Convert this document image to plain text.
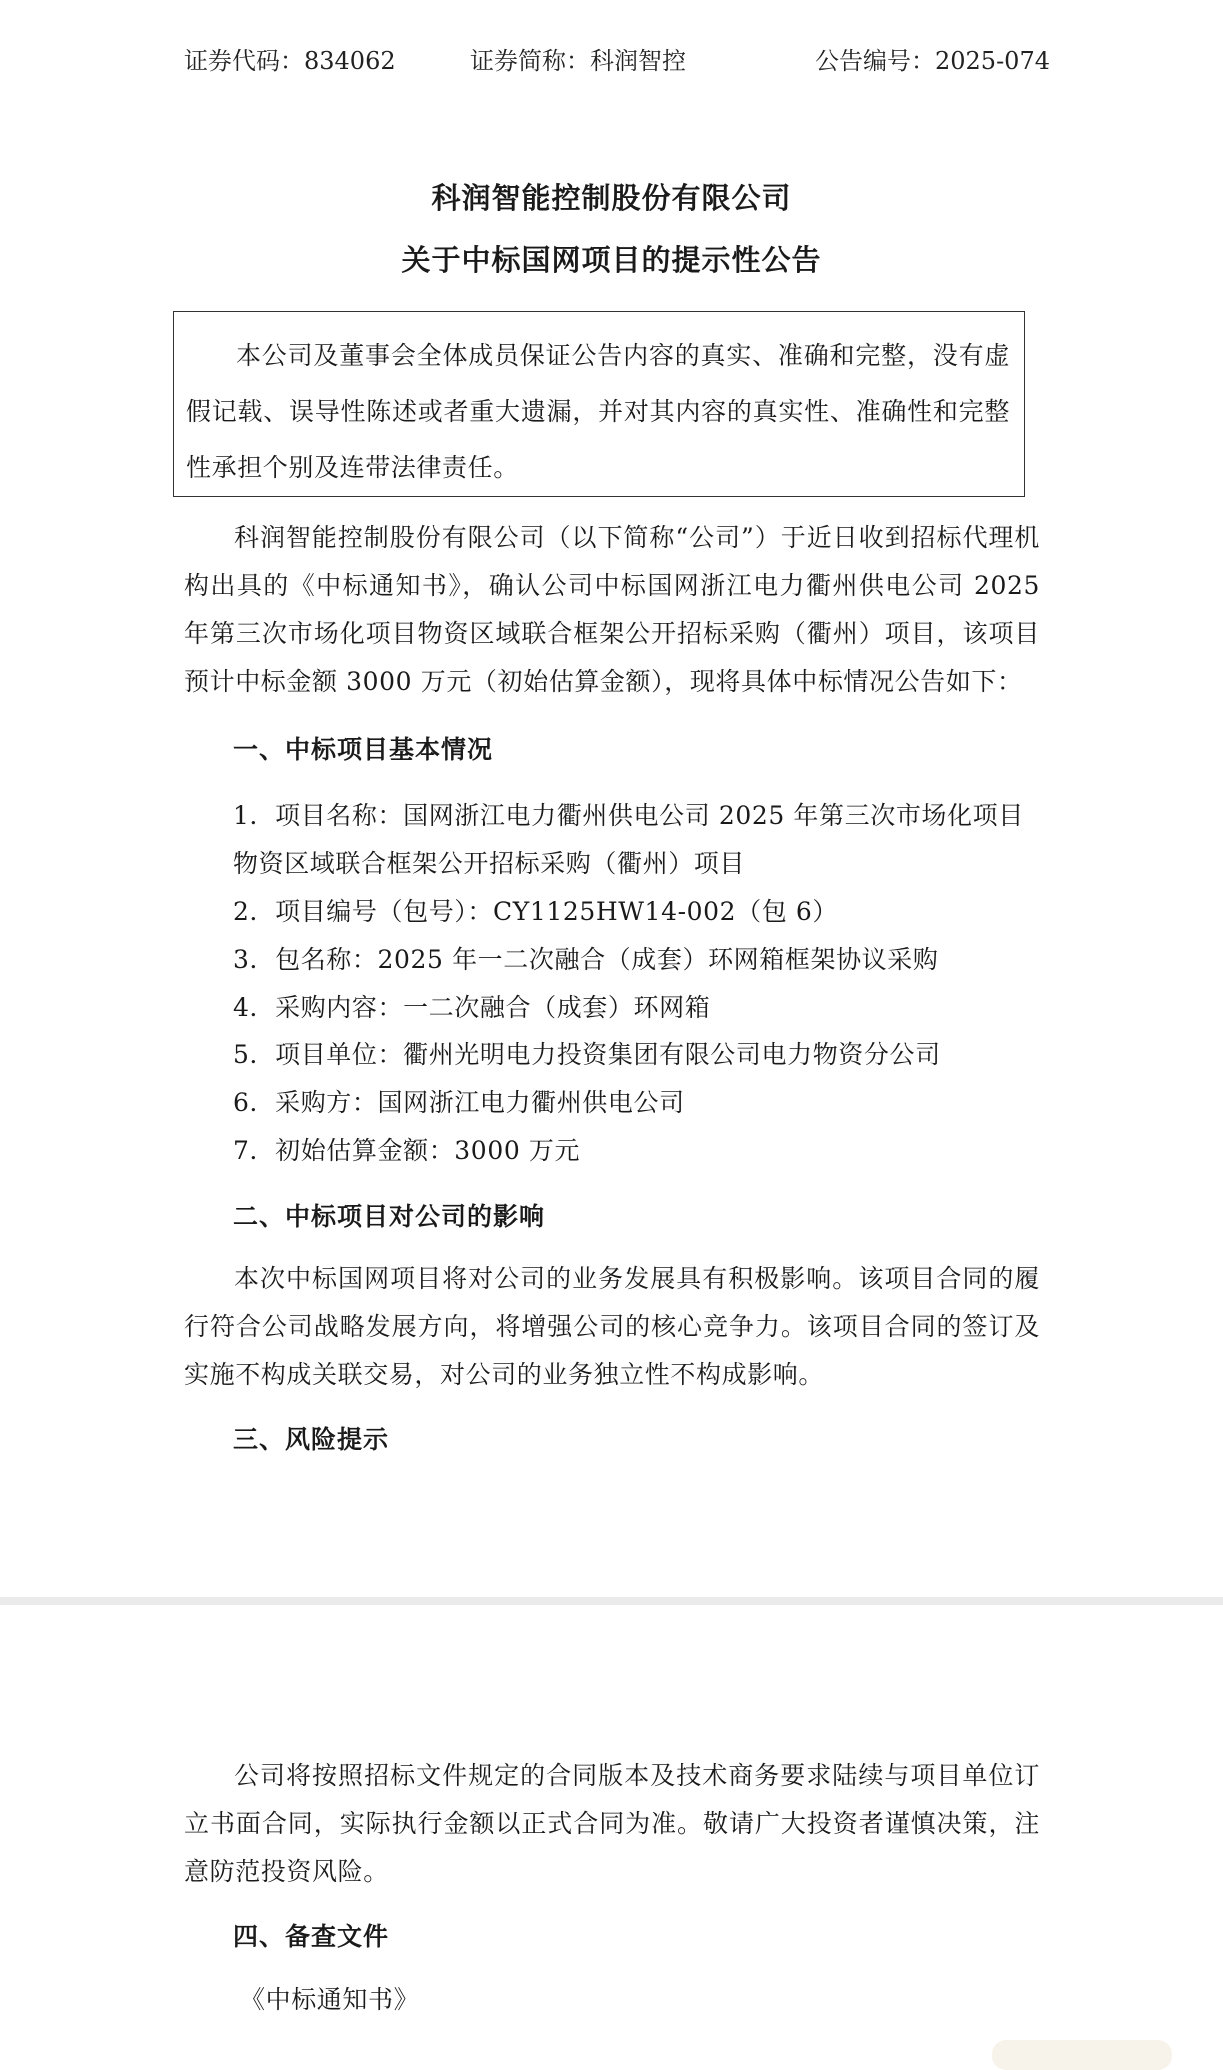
证券代码：834062	证券简称：科润智控	公告编号：2025-074
科润智能控制股份有限公司
关于中标国网项目的提示性公告
本公司及董事会全体成员保证公告内容的真实、准确和完整，没有虚假记载、误导性陈述或者重大遗漏，并对其内容的真实性、准确性和完整性承担个别及连带法律责任。
科润智能控制股份有限公司（以下简称“公司”）于近日收到招标代理机构出具的《中标通知书》，确认公司中标国网浙江电力衢州供电公司 2025 年第三次市场化项目物资区域联合框架公开招标采购（衢州）项目，该项目预计中标金额 3000 万元（初始估算金额），现将具体中标情况公告如下：
一、中标项目基本情况
1．项目名称：国网浙江电力衢州供电公司 2025 年第三次市场化项目物资区域联合框架公开招标采购（衢州）项目
2．项目编号（包号）：CY1125HW14-002（包 6）
3．包名称：2025 年一二次融合（成套）环网箱框架协议采购
4．采购内容：一二次融合（成套）环网箱
5．项目单位：衢州光明电力投资集团有限公司电力物资分公司
6．采购方：国网浙江电力衢州供电公司
7．初始估算金额：3000 万元
二、中标项目对公司的影响
本次中标国网项目将对公司的业务发展具有积极影响。该项目合同的履行符合公司战略发展方向，将增强公司的核心竞争力。该项目合同的签订及实施不构成关联交易，对公司的业务独立性不构成影响。
三、风险提示
公司将按照招标文件规定的合同版本及技术商务要求陆续与项目单位订立书面合同，实际执行金额以正式合同为准。敬请广大投资者谨慎决策，注意防范投资风险。
四、备查文件
《中标通知书》
